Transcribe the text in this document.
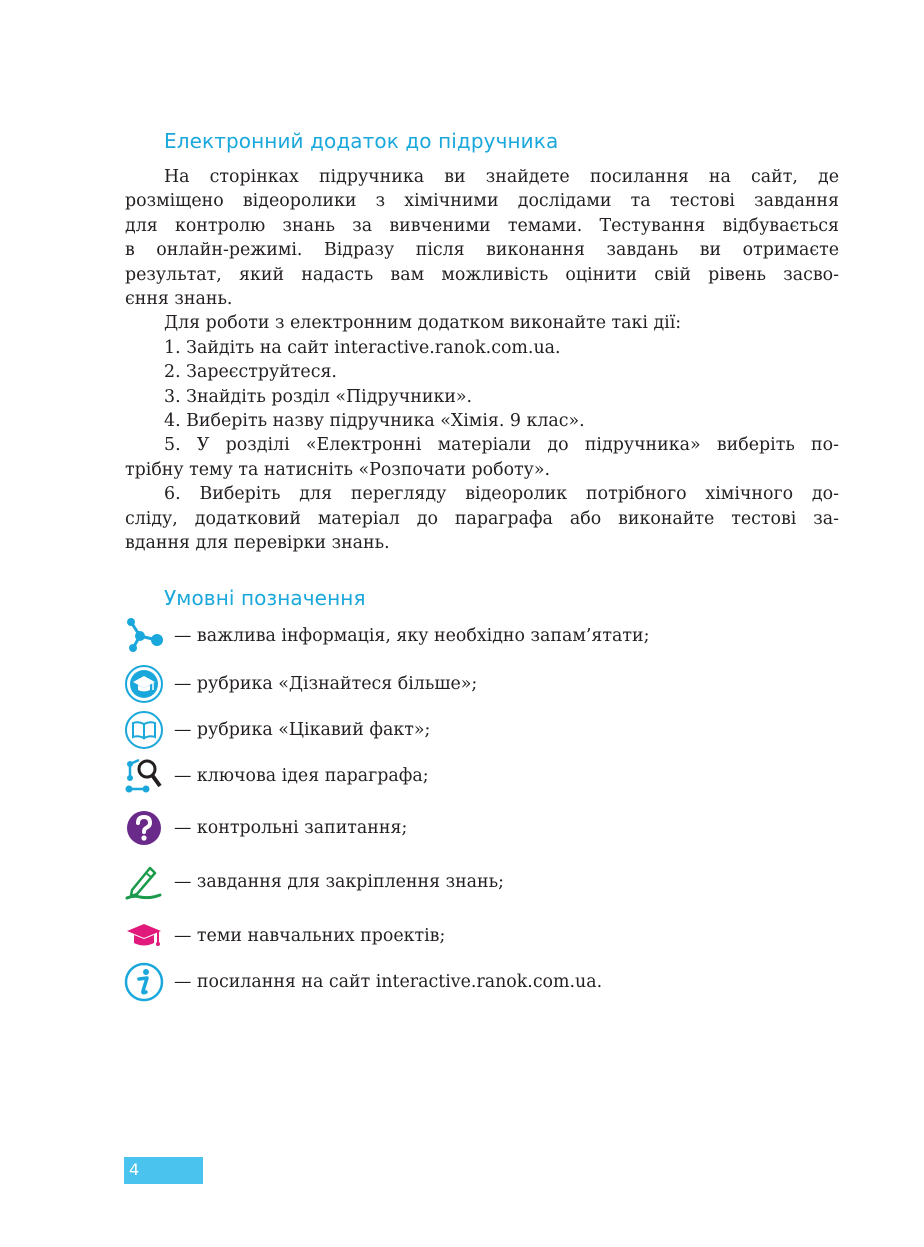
Електронний додаток до підручника

На сторінках підручника ви знайдете посилання на сайт, де

розміщено відеоролики з хімічними дослідами та тестові завдання

для контролю знань за вивченими темами. Тестування відбувається

в онлайн-режимі. Відразу після виконання завдань ви отримаєте

результат, який надасть вам можливість оцінити свій рівень засво-

єння знань.

Для роботи з електронним додатком виконайте такі дії:

1. Зайдіть на сайт interactive.ranok.com.ua.

2. Зареєструйтеся.

3. Знайдіть розділ «Підручники».

4. Виберіть назву підручника «Хімія. 9 клас».

5. У розділі «Електронні матеріали до підручника» виберіть по-

трібну тему та натисніть «Розпочати роботу».

6. Виберіть для перегляду відеоролик потрібного хімічного до-

сліду, додатковий матеріал до параграфа або виконайте тестові за-

вдання для перевірки знань.

Умовні позначення
— важлива інформація, яку необхідно запам’ятати;
— рубрика «Дізнайтеся більше»;
— рубрика «Цікавий факт»;
— ключова ідея параграфа;
— контрольні запитання;
— завдання для закріплення знань;
— теми навчальних проектів;
— посилання на сайт interactive.ranok.com.ua.
4
